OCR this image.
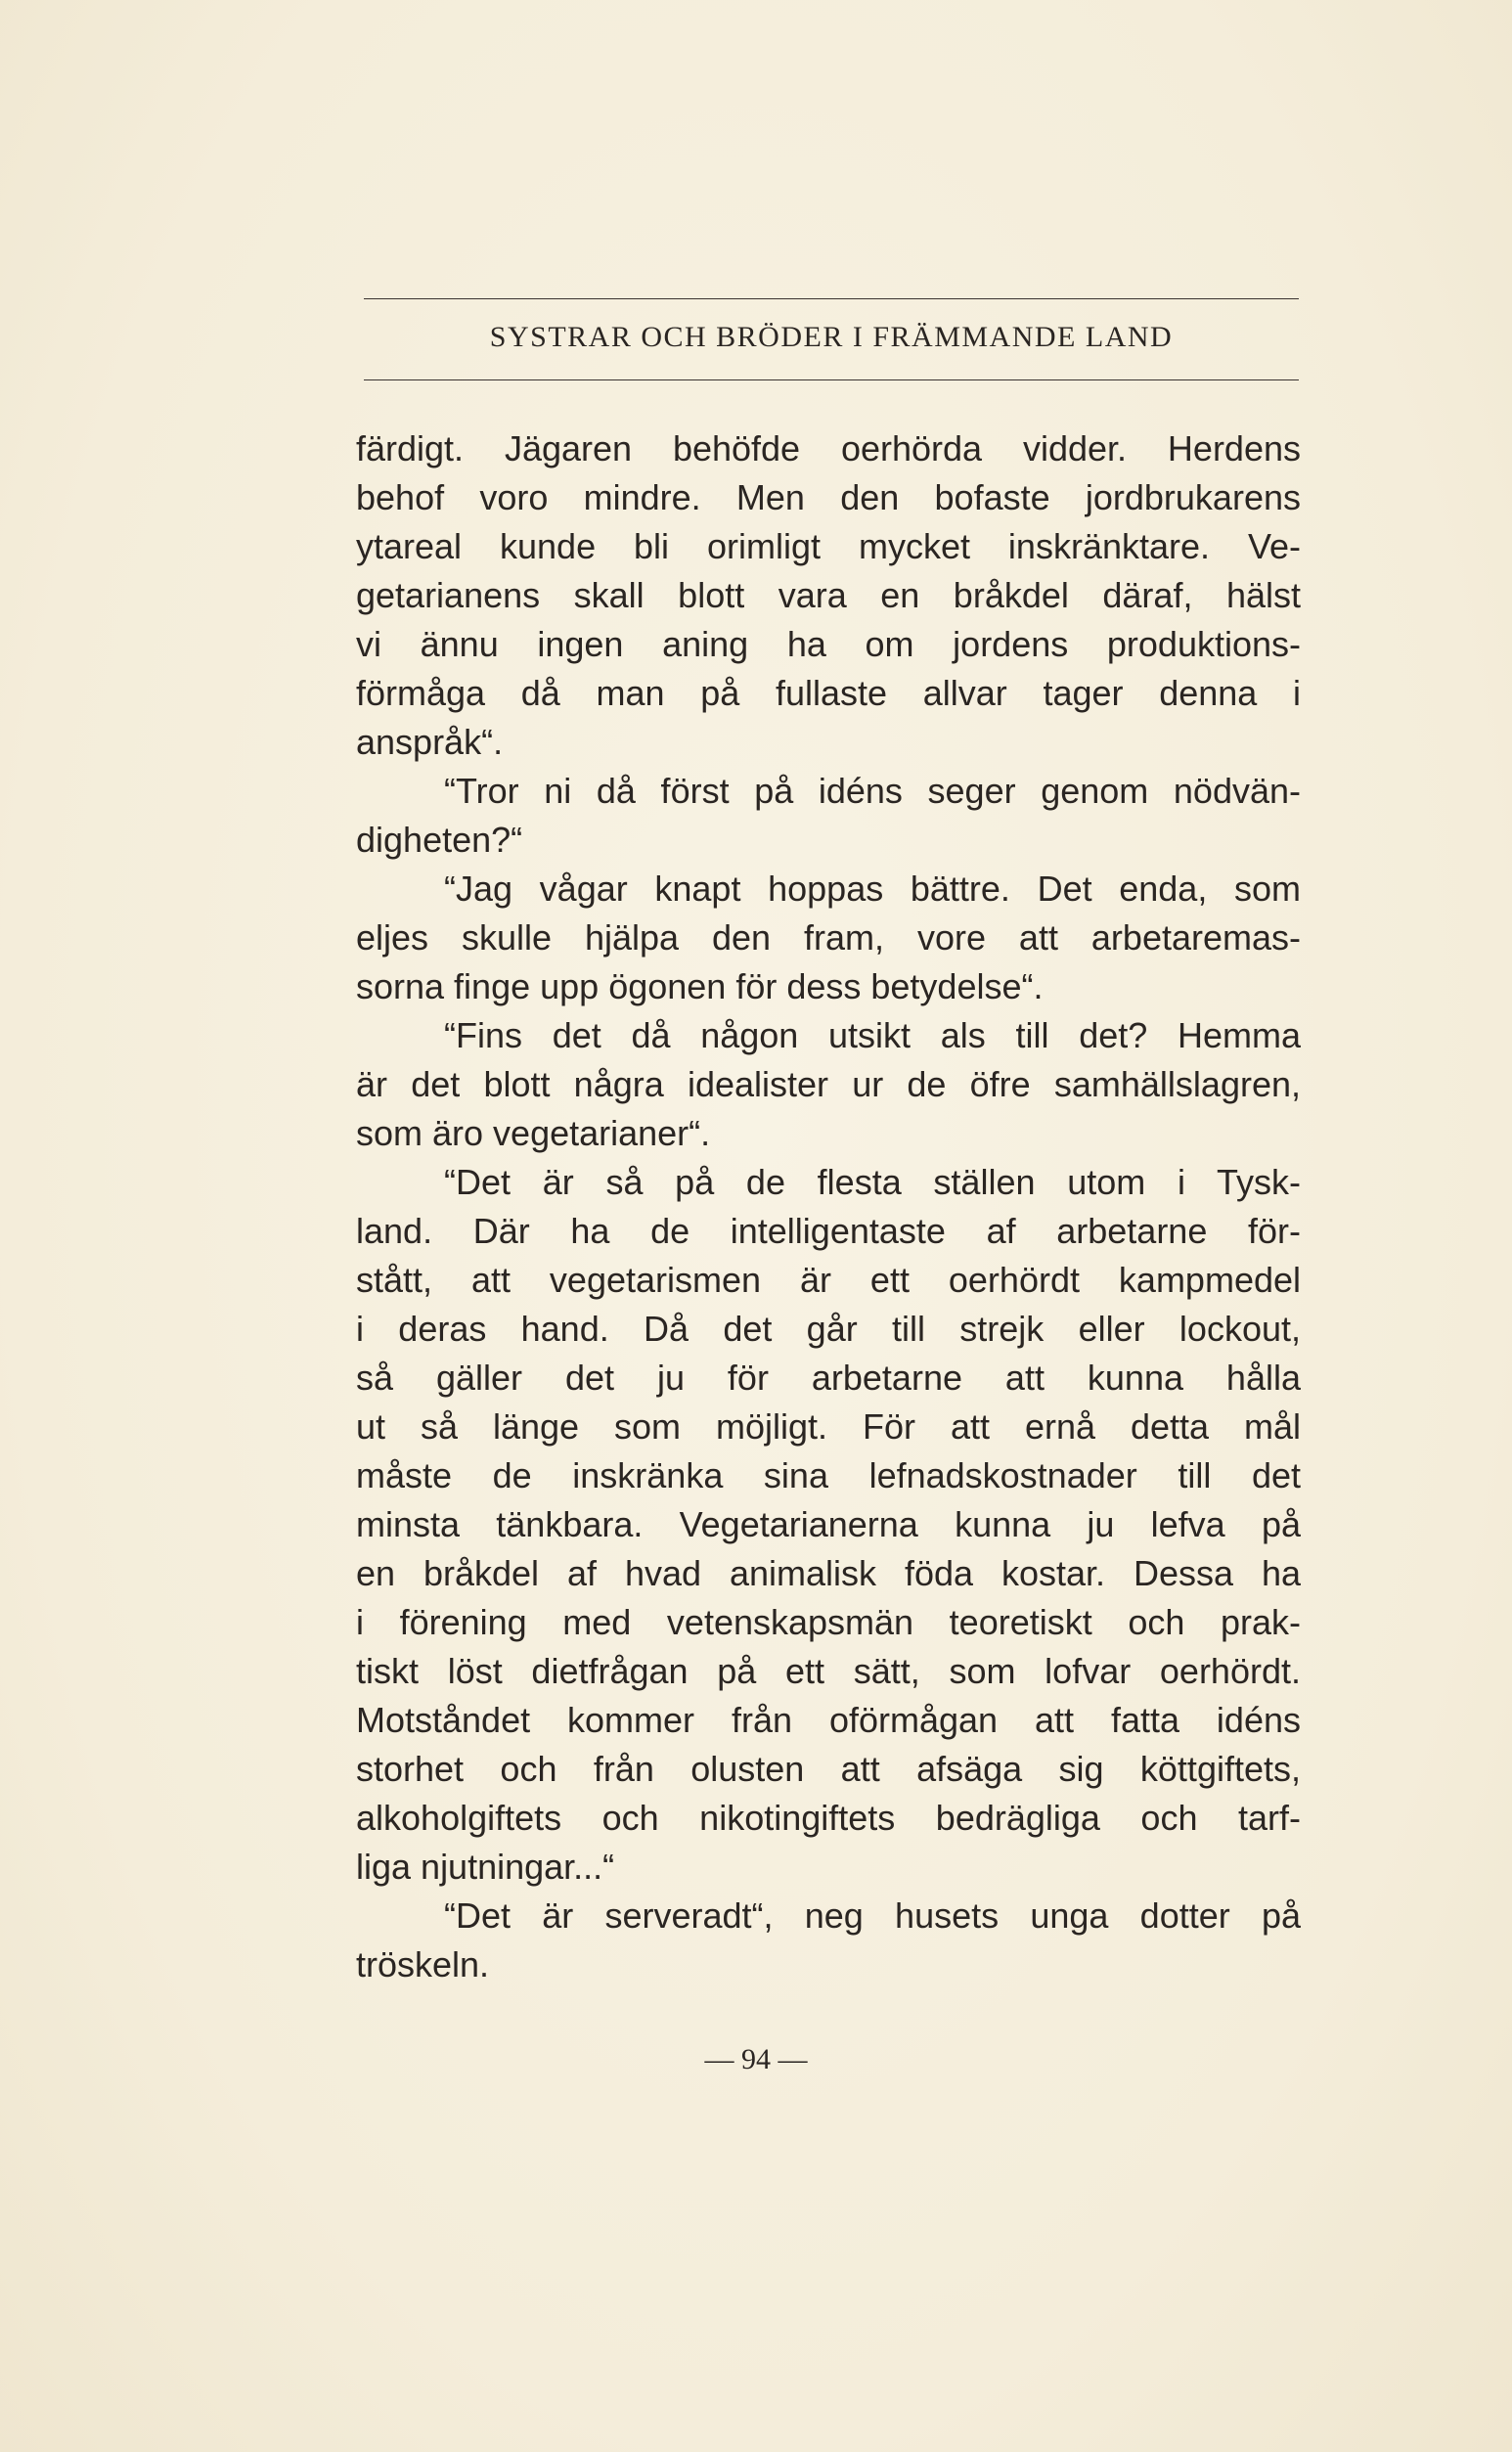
SYSTRAR OCH BRÖDER I FRÄMMANDE LAND
färdigt. Jägaren behöfde oerhörda vidder. Herdens
behof voro mindre. Men den bofaste jordbrukarens
ytareal kunde bli orimligt mycket inskränktare. Ve-
getarianens skall blott vara en bråkdel däraf, hälst
vi ännu ingen aning ha om jordens produktions-
förmåga då man på fullaste allvar tager denna i
anspråk“.
“Tror ni då först på idéns seger genom nödvän-
digheten?“
“Jag vågar knapt hoppas bättre. Det enda, som
eljes skulle hjälpa den fram, vore att arbetaremas-
sorna finge upp ögonen för dess betydelse“.
“Fins det då någon utsikt als till det? Hemma
är det blott några idealister ur de öfre samhällslagren,
som äro vegetarianer“.
“Det är så på de flesta ställen utom i Tysk-
land. Där ha de intelligentaste af arbetarne för-
stått, att vegetarismen är ett oerhördt kampmedel
i deras hand. Då det går till strejk eller lockout,
så gäller det ju för arbetarne att kunna hålla
ut så länge som möjligt. För att ernå detta mål
måste de inskränka sina lefnadskostnader till det
minsta tänkbara. Vegetarianerna kunna ju lefva på
en bråkdel af hvad animalisk föda kostar. Dessa ha
i förening med vetenskapsmän teoretiskt och prak-
tiskt löst dietfrågan på ett sätt, som lofvar oerhördt.
Motståndet kommer från oförmågan att fatta idéns
storhet och från olusten att afsäga sig köttgiftets,
alkoholgiftets och nikotingiftets bedrägliga och tarf-
liga njutningar...“
“Det är serveradt“, neg husets unga dotter på
tröskeln.
— 94 —
